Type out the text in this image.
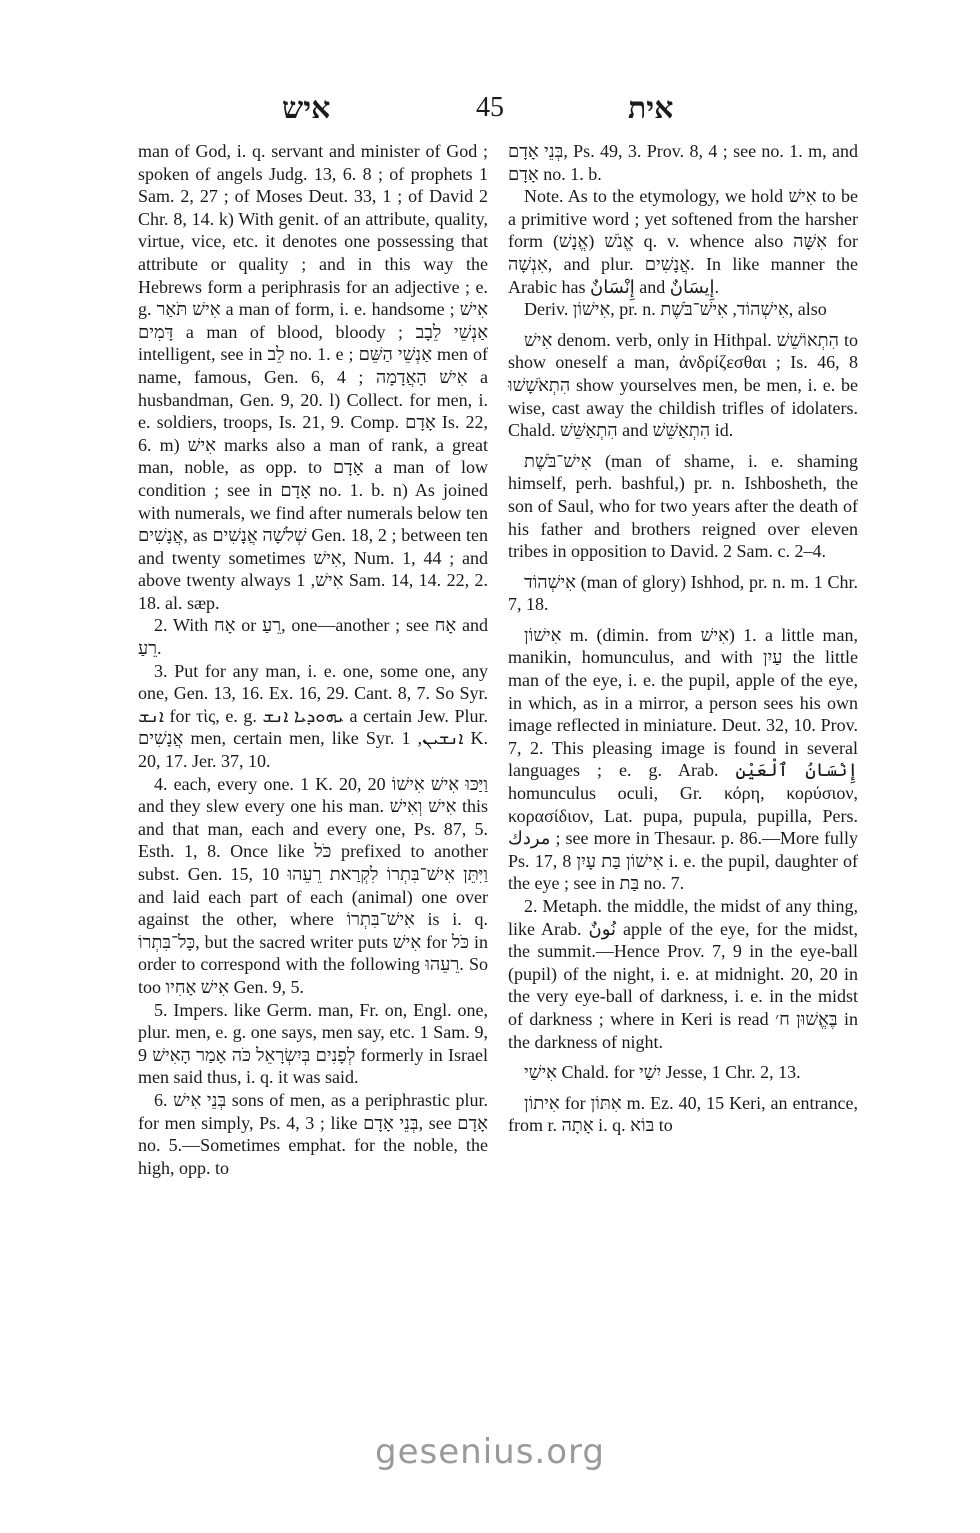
איש	45	אית

man of God, i. q. servant and minister of God ; spoken of angels Judg. 13, 6. 8 ; of prophets 1 Sam. 2, 27 ; of Moses Deut. 33, 1 ; of David 2 Chr. 8, 14. k) With genit. of an attribute, quality, virtue, vice, etc. it denotes one possessing that attribute or quality ; and in this way the Hebrews form a periphrasis for an adjective ; e. g. אִישׁ תֹּאַר a man of form, i. e. handsome ; אִישׁ דָּמִים a man of blood, bloody ; אַנְשֵׁי לֵבָב intelligent, see in לֵב no. 1. e ; אַנְשֵׁי הַשֵּׁם men of name, famous, Gen. 6, 4 ; אִישׁ הָאֲדָמָה a husbandman, Gen. 9, 20. l) Collect. for men, i. e. soldiers, troops, Is. 21, 9. Comp. אָדָם Is. 22, 6. m) אִישׁ marks also a man of rank, a great man, noble, as opp. to אָדָם a man of low condition ; see in אָדָם no. 1. b. n) As joined with numerals, we find after numerals below ten אֲנָשִׁים, as שְׁלֹשָׁה אֲנָשִׁים Gen. 18, 2 ; between ten and twenty sometimes אִישׁ, Num. 1, 44 ; and above twenty always אִישׁ, 1 Sam. 14, 14. 22, 2. 18. al. sæp.

2. With אָח or רֵעַ, one—another ; see אָח and רֵעַ.

3. Put for any man, i. e. one, some one, any one, Gen. 13, 16. Ex. 16, 29. Cant. 8, 7. So Syr. ܐܢܫ for τὶς, e. g. ܝܗܘܕܝܐ ܐܢܫ a certain Jew. Plur. אֲנָשִׁים men, certain men, like Syr. ܐܢܫܝܢ, 1 K. 20, 17. Jer. 37, 10.

4. each, every one. 1 K. 20, 20 וַיַּכּוּ אִישׁ אִישׁוֹ and they slew every one his man. אִישׁ וְאִישׁ this and that man, each and every one, Ps. 87, 5. Esth. 1, 8. Once like כֹּל prefixed to another subst. Gen. 15, 10 וַיִּתֵּן אִישׁ־בִּתְרוֹ לִקְרַאת רֵעֵהוּ and laid each part of each (animal) one over against the other, where אִישׁ־בִּתְרוֹ is i. q. כָּל־בִּתְרוֹ, but the sacred writer puts אִישׁ for כֹּל in order to correspond with the following רֵעֵהוּ. So too אִישׁ אָחִיו Gen. 9, 5.

5. Impers. like Germ. man, Fr. on, Engl. one, plur. men, e. g. one says, men say, etc. 1 Sam. 9, 9 לְפָנִים בְּיִשְׂרָאֵל כֹּה אָמַר הָאִישׁ formerly in Israel men said thus, i. q. it was said.

6. בְּנֵי אִישׁ sons of men, as a periphrastic plur. for men simply, Ps. 4, 3 ; like בְּנֵי אָדָם, see אָדָם no. 5.—Sometimes emphat. for the noble, the high, opp. to

בְּנֵי אָדָם, Ps. 49, 3. Prov. 8, 4 ; see no. 1. m, and אָדָם no. 1. b.

Note. As to the etymology, we hold אִישׁ to be a primitive word ; yet softened from the harsher form אֱנֹשׁ (אֱנָשׁ) q. v. whence also אִשָּׁה for אִנְשָׁה, and plur. אֲנָשִׁים. In like manner the Arabic has إِنْسَانٌ and إِيسَانٌ.

Deriv. אִישׁוֹן, pr. n. אִישְׁהוֹד, אִישׁ־בֹּשֶׁת, also

אִישׁ denom. verb, only in Hithpal. הִתְאוֹשֵׁשׁ to show oneself a man, ἀνδρίζεσθαι ; Is. 46, 8 הִתְאֹשָׁשׁוּ show yourselves men, be men, i. e. be wise, cast away the childish trifles of idolaters. Chald. הִתְאַשֵּׁשׁ and הִתְאַשֵּׁשׁ id.

אִישׁ־בֹּשֶׁת (man of shame, i. e. shaming himself, perh. bashful,) pr. n. Ishbosheth, the son of Saul, who for two years after the death of his father and brothers reigned over eleven tribes in opposition to David. 2 Sam. c. 2–4.

אִישְׁהוֹד (man of glory) Ishhod, pr. n. m. 1 Chr. 7, 18.

אִישׁוֹן m. (dimin. from אִישׁ) 1. a little man, manikin, homunculus, and with עַיִן the little man of the eye, i. e. the pupil, apple of the eye, in which, as in a mirror, a person sees his own image reflected in miniature. Deut. 32, 10. Prov. 7, 2. This pleasing image is found in several languages ; e. g. Arab. إِنْسَانُ ٱلْعَيْنِ homunculus oculi, Gr. κόρη, κορύσιον, κορασίδιον, Lat. pupa, pupula, pupilla, Pers. مردك ; see more in Thesaur. p. 86.—More fully Ps. 17, 8 אִישׁוֹן בַּת עָיִן i. e. the pupil, daughter of the eye ; see in בַּת no. 7.

2. Metaph. the middle, the midst of any thing, like Arab. نُونٌ apple of the eye, for the midst, the summit.—Hence Prov. 7, 9 in the eye-ball (pupil) of the night, i. e. at midnight. 20, 20 in the very eye-ball of darkness, i. e. in the midst of darkness ; where in Keri is read בֶּאֱשׁוּן ח׳ in the darkness of night.

אִישַׁי Chald. for יִשַׁי Jesse, 1 Chr. 2, 13.

אִיתוֹן for אִתּוֹן m. Ez. 40, 15 Keri, an entrance, from r. אָתָה i. q. בּוֹא to

gesenius.org
